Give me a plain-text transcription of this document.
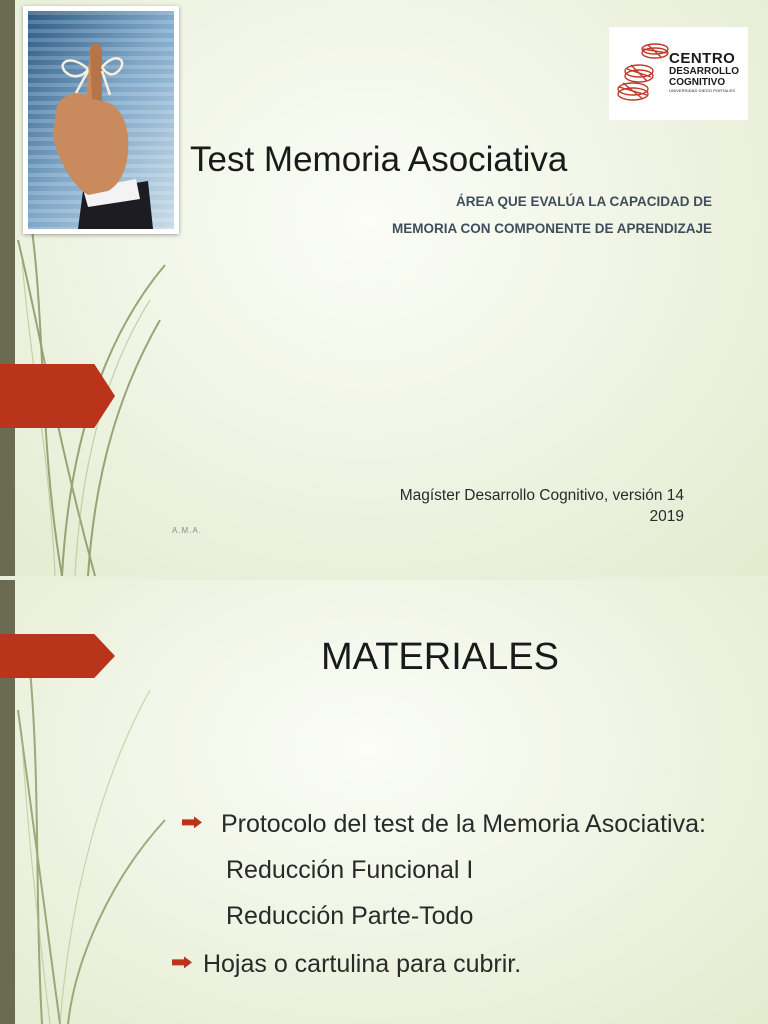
CENTRO
DESARROLLO
COGNITIVO
UNIVERSIDAD DIEGO PORTALES
Test Memoria Asociativa
ÁREA QUE EVALÚA LA CAPACIDAD DE
MEMORIA CON COMPONENTE DE APRENDIZAJE
Magíster Desarrollo Cognitivo, versión 14
2019
A.M.A.
MATERIALES
Protocolo del test de la Memoria Asociativa:
Reducción Funcional I
Reducción Parte-Todo
Hojas o cartulina para cubrir.
